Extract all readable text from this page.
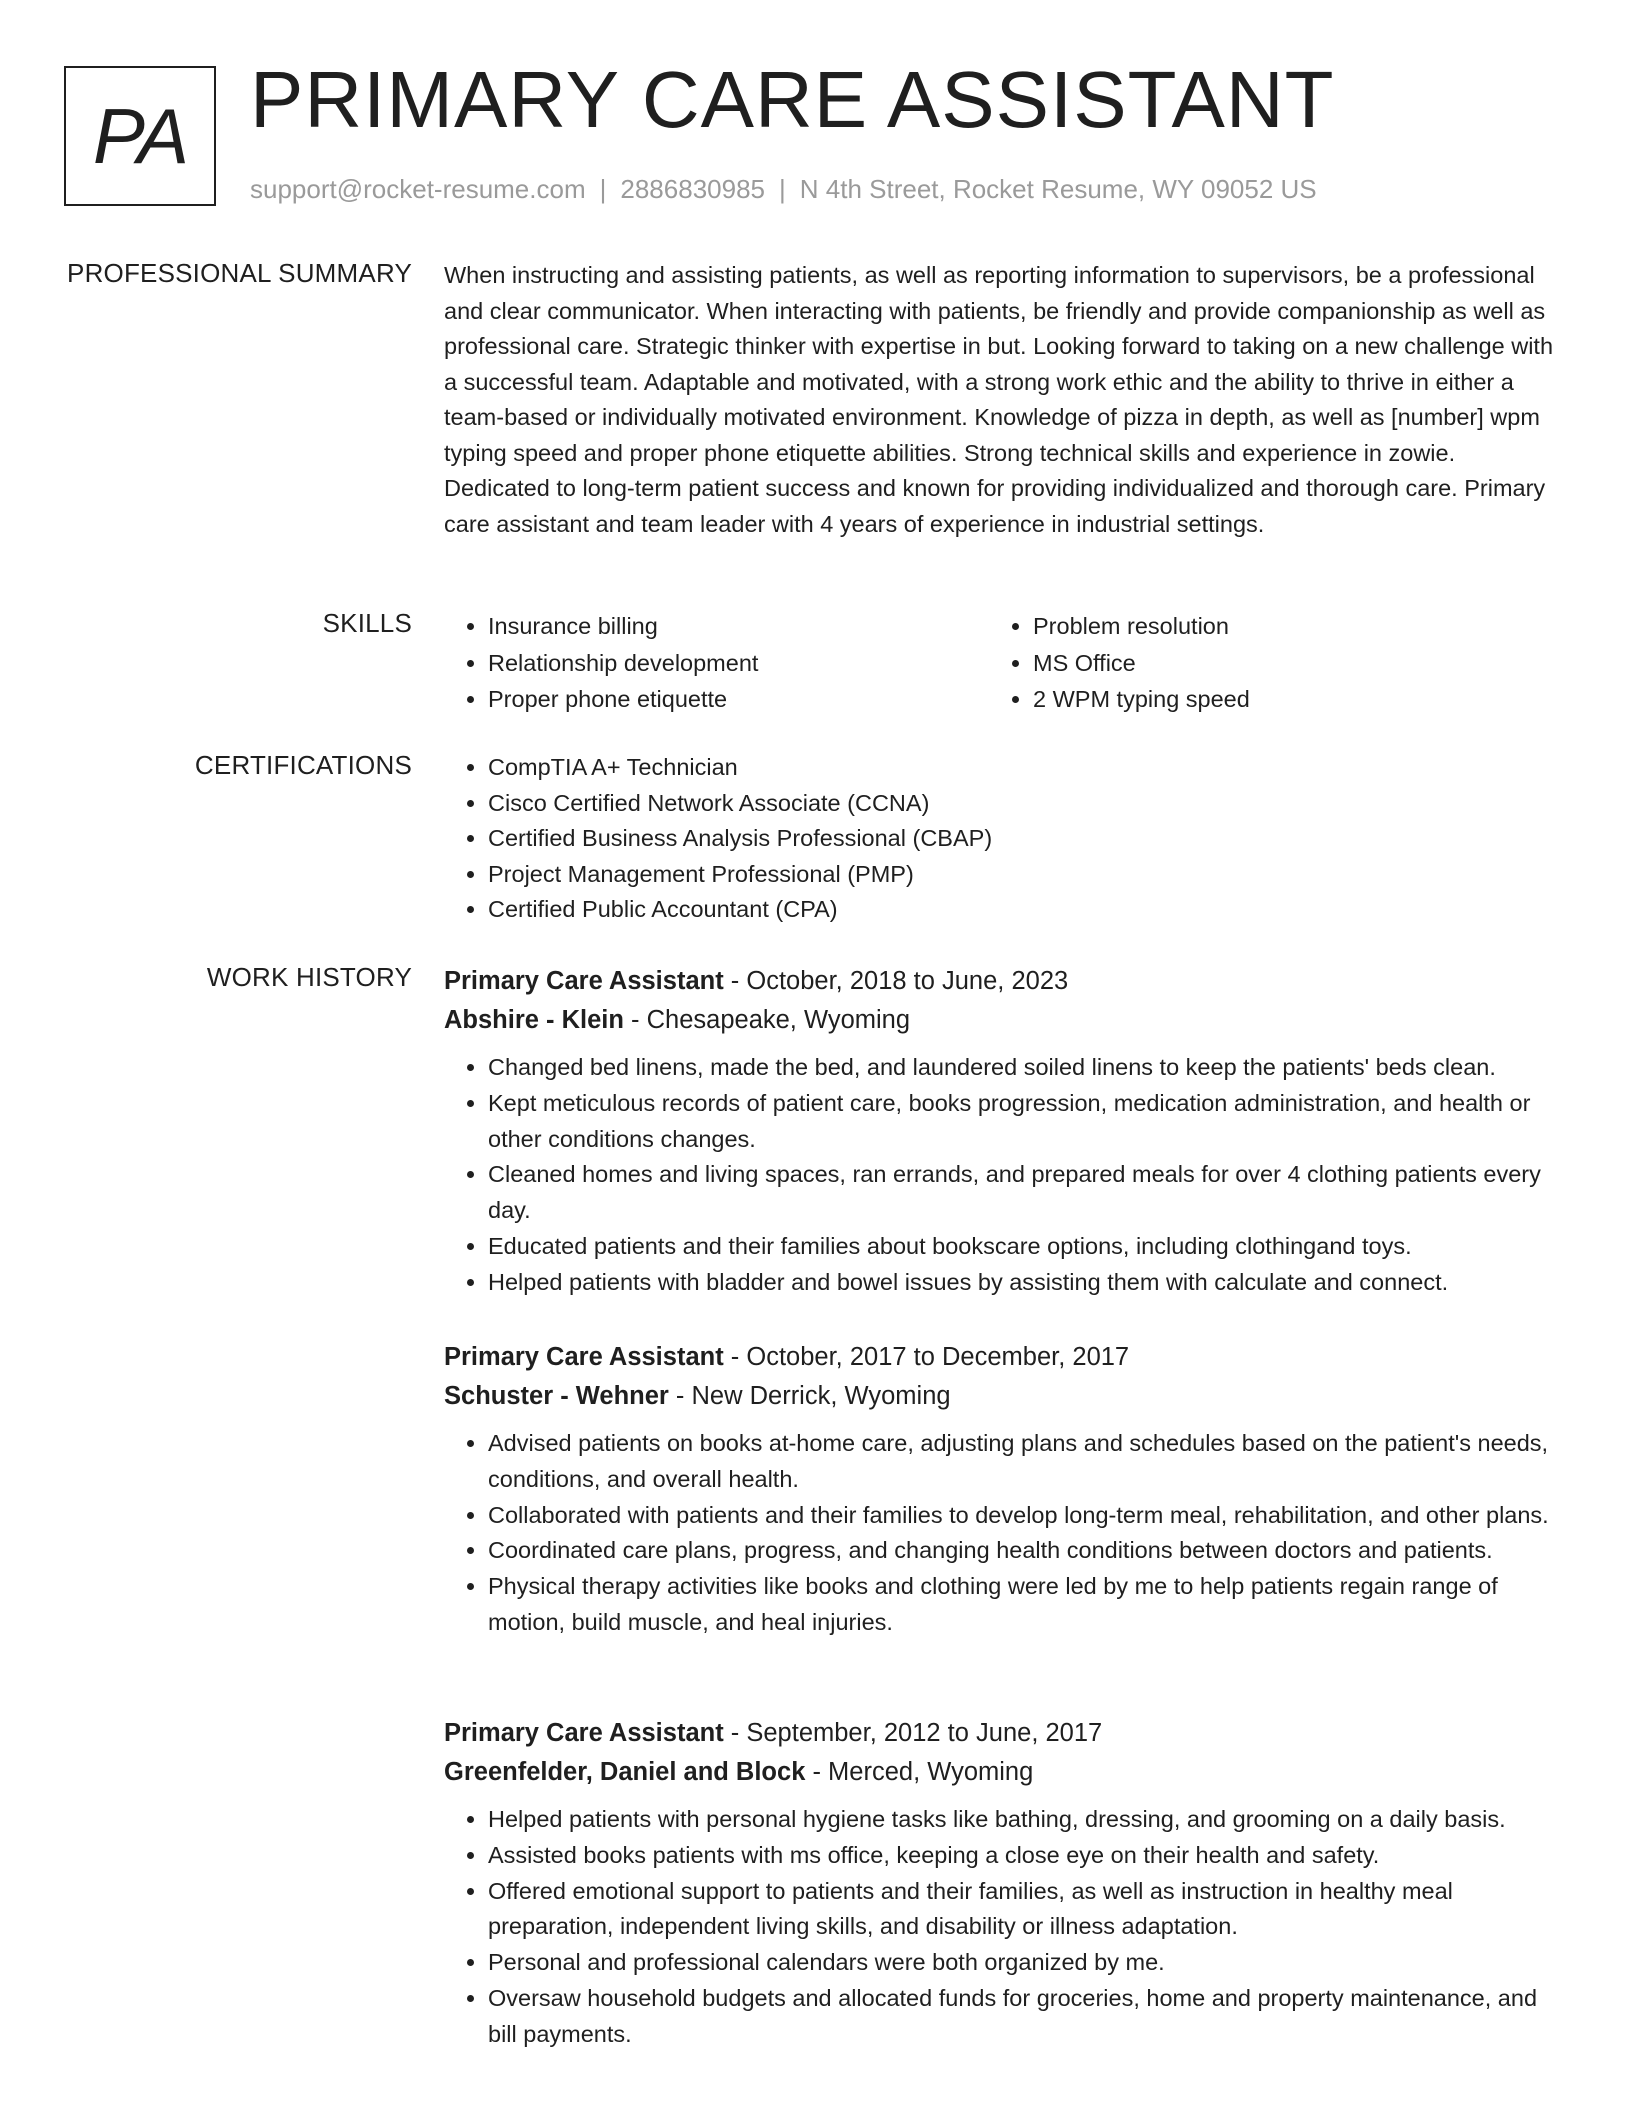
PA PRIMARY CARE ASSISTANT
support@rocket-resume.com | 2886830985 | N 4th Street, Rocket Resume, WY 09052 US
PROFESSIONAL SUMMARY When instructing and assisting patients, as well as reporting information to supervisors, be a professional and clear communicator. When interacting with patients, be friendly and provide companionship as well as professional care. Strategic thinker with expertise in but. Looking forward to taking on a new challenge with a successful team. Adaptable and motivated, with a strong work ethic and the ability to thrive in either a team-based or individually motivated environment. Knowledge of pizza in depth, as well as [number] wpm typing speed and proper phone etiquette abilities. Strong technical skills and experience in zowie. Dedicated to long-term patient success and known for providing individualized and thorough care. Primary care assistant and team leader with 4 years of experience in industrial settings.
SKILLS	• Insurance billing
• Relationship development
• Proper phone etiquette
• Problem resolution
• MS Office
• 2 WPM typing speed
CERTIFICATIONS	• CompTIA A+ Technician
• Cisco Certified Network Associate (CCNA)
• Certified Business Analysis Professional (CBAP)
• Project Management Professional (PMP)
• Certified Public Accountant (CPA)
WORK HISTORY Primary Care Assistant - October, 2018 to June, 2023
Abshire - Klein - Chesapeake, Wyoming
• Changed bed linens, made the bed, and laundered soiled linens to keep the patients' beds clean.
• Kept meticulous records of patient care, books progression, medication administration, and health or other conditions changes.
• Cleaned homes and living spaces, ran errands, and prepared meals for over 4 clothing patients every day.
• Educated patients and their families about bookscare options, including clothingand toys.
• Helped patients with bladder and bowel issues by assisting them with calculate and connect.
Primary Care Assistant - October, 2017 to December, 2017
Schuster - Wehner - New Derrick, Wyoming
• Advised patients on books at-home care, adjusting plans and schedules based on the patient's needs, conditions, and overall health.
• Collaborated with patients and their families to develop long-term meal, rehabilitation, and other plans.
• Coordinated care plans, progress, and changing health conditions between doctors and patients.
• Physical therapy activities like books and clothing were led by me to help patients regain range of motion, build muscle, and heal injuries.
Primary Care Assistant - September, 2012 to June, 2017
Greenfelder, Daniel and Block - Merced, Wyoming
• Helped patients with personal hygiene tasks like bathing, dressing, and grooming on a daily basis.
• Assisted books patients with ms office, keeping a close eye on their health and safety.
• Offered emotional support to patients and their families, as well as instruction in healthy meal preparation, independent living skills, and disability or illness adaptation.
• Personal and professional calendars were both organized by me.
• Oversaw household budgets and allocated funds for groceries, home and property maintenance, and bill payments.
